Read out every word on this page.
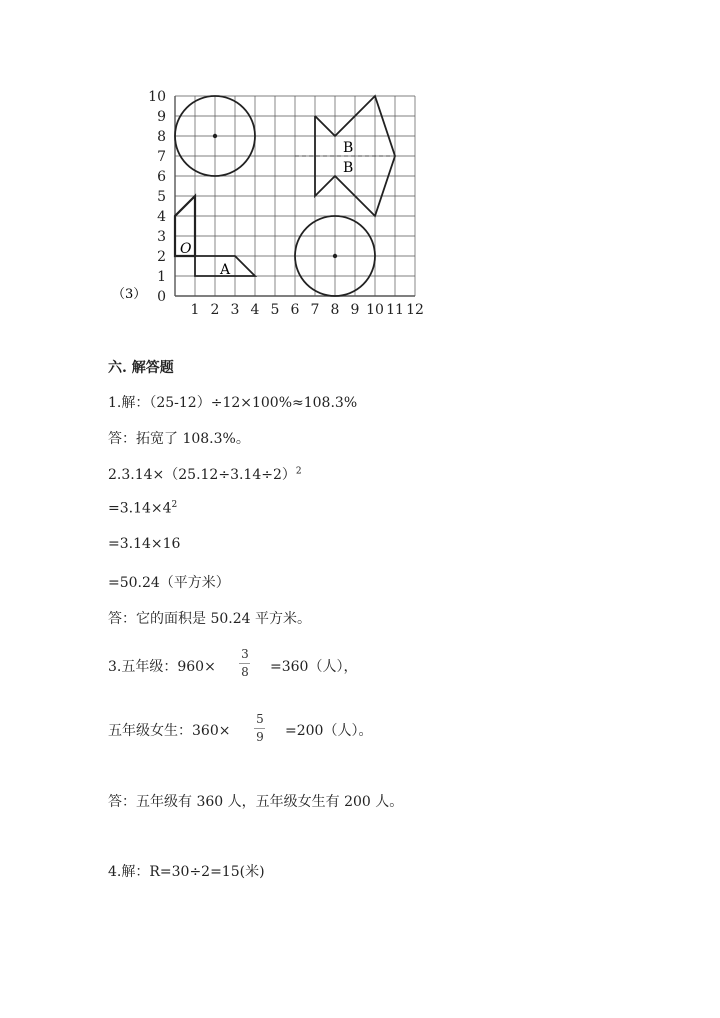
0
1
2
3
4
5
6
7
8
9
10
1 2 3 4 5 6 7 8 9 10 11 12
（3）
O
A
B
B
六. 解答题
1.解：（25-12）÷12×100%≈108.3%
答：拓宽了 108.3%。
$2.3.14\times(25.12\div 3.14\div 2)^2$
$=3.14\times 4^2$
=3.14×16
=50.24（平方米）
答：它的面积是 50.24 平方米。
3.五年级：960×
3
8 =360（人），
五年级女生：360×
5
9 =200（人）。
答：五年级有 360 人，五年级女生有 200 人。
4.解：R=30÷2=15(米)
